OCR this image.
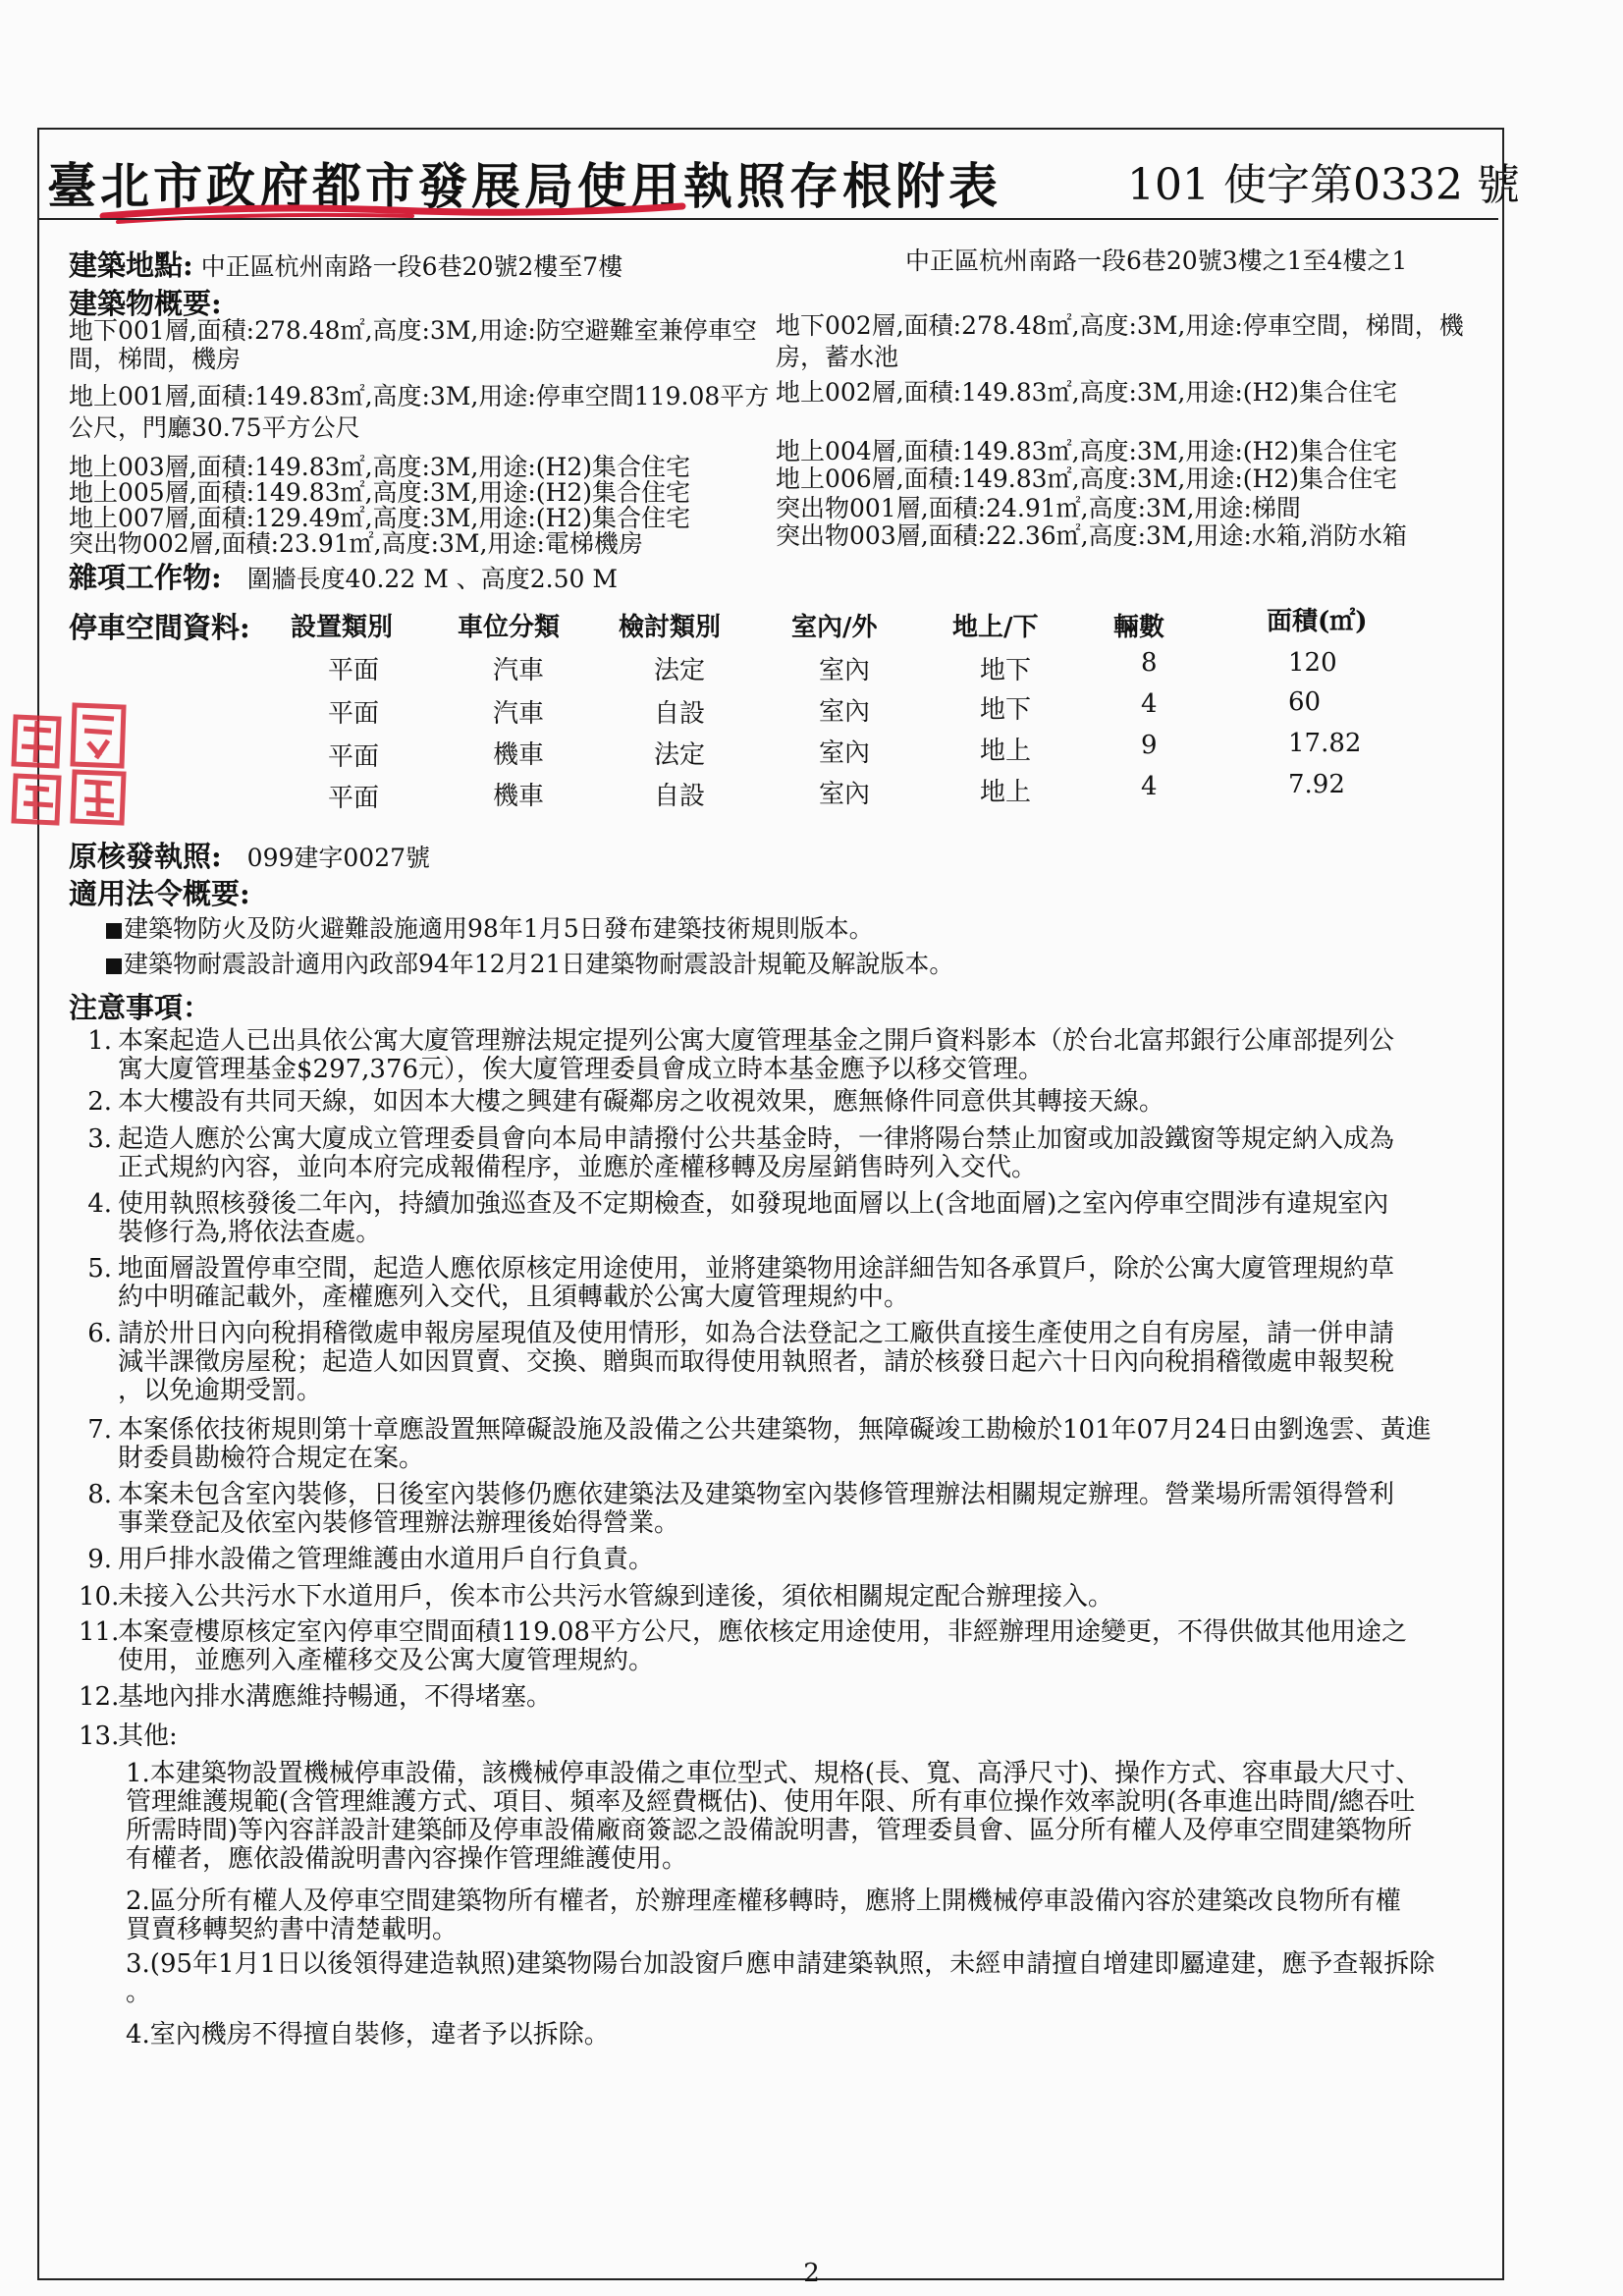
臺北市政府都市發展局使用執照存根附表	101 使字第0332 號
建築地點: 中正區杭州南路一段6巷20號2樓至7樓	中正區杭州南路一段6巷20號3樓之1至4樓之1
建築物概要:
地下001層,面積:278.48㎡,高度:3M,用途:防空避難室兼停車空
間，梯間，機房
地上001層,面積:149.83㎡,高度:3M,用途:停車空間119.08平方
公尺，門廳30.75平方公尺
地上003層,面積:149.83㎡,高度:3M,用途:(H2)集合住宅
地上005層,面積:149.83㎡,高度:3M,用途:(H2)集合住宅
地上007層,面積:129.49㎡,高度:3M,用途:(H2)集合住宅
突出物002層,面積:23.91㎡,高度:3M,用途:電梯機房
地下002層,面積:278.48㎡,高度:3M,用途:停車空間，梯間，機
房，蓄水池
地上002層,面積:149.83㎡,高度:3M,用途:(H2)集合住宅
地上004層,面積:149.83㎡,高度:3M,用途:(H2)集合住宅
地上006層,面積:149.83㎡,高度:3M,用途:(H2)集合住宅
突出物001層,面積:24.91㎡,高度:3M,用途:梯間
突出物003層,面積:22.36㎡,高度:3M,用途:水箱,消防水箱
雜項工作物: 圍牆長度40.22 M 、高度2.50 M
停車空間資料: 設置類別	車位分類 檢討類別	室內/外	地上/下	輛數	面積(㎡)
平面	汽車	法定	室內	地下	8	120
平面	汽車	自設	室內	地下	4	60
平面	機車	法定	室內	地上	9	17.82
平面	機車	自設	室內	地上	4	7.92
原核發執照: 099建字0027號
適用法令概要:
建築物防火及防火避難設施適用98年1月5日發布建築技術規則版本。
建築物耐震設計適用內政部94年12月21日建築物耐震設計規範及解說版本。
注意事項：
1. 本案起造人已出具依公寓大廈管理辦法規定提列公寓大廈管理基金之開戶資料影本（於台北富邦銀行公庫部提列公
寓大廈管理基金$297,376元），俟大廈管理委員會成立時本基金應予以移交管理。
2. 本大樓設有共同天線，如因本大樓之興建有礙鄰房之收視效果，應無條件同意供其轉接天線。
3. 起造人應於公寓大廈成立管理委員會向本局申請撥付公共基金時，一律將陽台禁止加窗或加設鐵窗等規定納入成為
正式規約內容，並向本府完成報備程序，並應於產權移轉及房屋銷售時列入交代。
4. 使用執照核發後二年內，持續加強巡查及不定期檢查，如發現地面層以上(含地面層)之室內停車空間涉有違規室內
裝修行為,將依法查處。
5. 地面層設置停車空間，起造人應依原核定用途使用，並將建築物用途詳細告知各承買戶，除於公寓大廈管理規約草
約中明確記載外，產權應列入交代，且須轉載於公寓大廈管理規約中。
6. 請於卅日內向稅捐稽徵處申報房屋現值及使用情形，如為合法登記之工廠供直接生產使用之自有房屋，請一併申請
減半課徵房屋稅；起造人如因買賣、交換、贈與而取得使用執照者，請於核發日起六十日內向稅捐稽徵處申報契稅
，以免逾期受罰。
7. 本案係依技術規則第十章應設置無障礙設施及設備之公共建築物，無障礙竣工勘檢於101年07月24日由劉逸雲、黃進
財委員勘檢符合規定在案。
8. 本案未包含室內裝修，日後室內裝修仍應依建築法及建築物室內裝修管理辦法相關規定辦理。營業場所需領得營利
事業登記及依室內裝修管理辦法辦理後始得營業。
9. 用戶排水設備之管理維護由水道用戶自行負責。
10.未接入公共污水下水道用戶，俟本市公共污水管線到達後，須依相關規定配合辦理接入。
11.本案壹樓原核定室內停車空間面積119.08平方公尺，應依核定用途使用，非經辦理用途變更，不得供做其他用途之
使用，並應列入產權移交及公寓大廈管理規約。
12.基地內排水溝應維持暢通，不得堵塞。
13.其他:
1.本建築物設置機械停車設備，該機械停車設備之車位型式、規格(長、寬、高淨尺寸)、操作方式、容車最大尺寸、
管理維護規範(含管理維護方式、項目、頻率及經費概估)、使用年限、所有車位操作效率說明(各車進出時間/總吞吐
所需時間)等內容詳設計建築師及停車設備廠商簽認之設備說明書，管理委員會、區分所有權人及停車空間建築物所
有權者，應依設備說明書內容操作管理維護使用。
2.區分所有權人及停車空間建築物所有權者，於辦理產權移轉時，應將上開機械停車設備內容於建築改良物所有權
買賣移轉契約書中清楚載明。
3.(95年1月1日以後領得建造執照)建築物陽台加設窗戶應申請建築執照，未經申請擅自增建即屬違建，應予查報拆除
。
4.室內機房不得擅自裝修，違者予以拆除。
2
